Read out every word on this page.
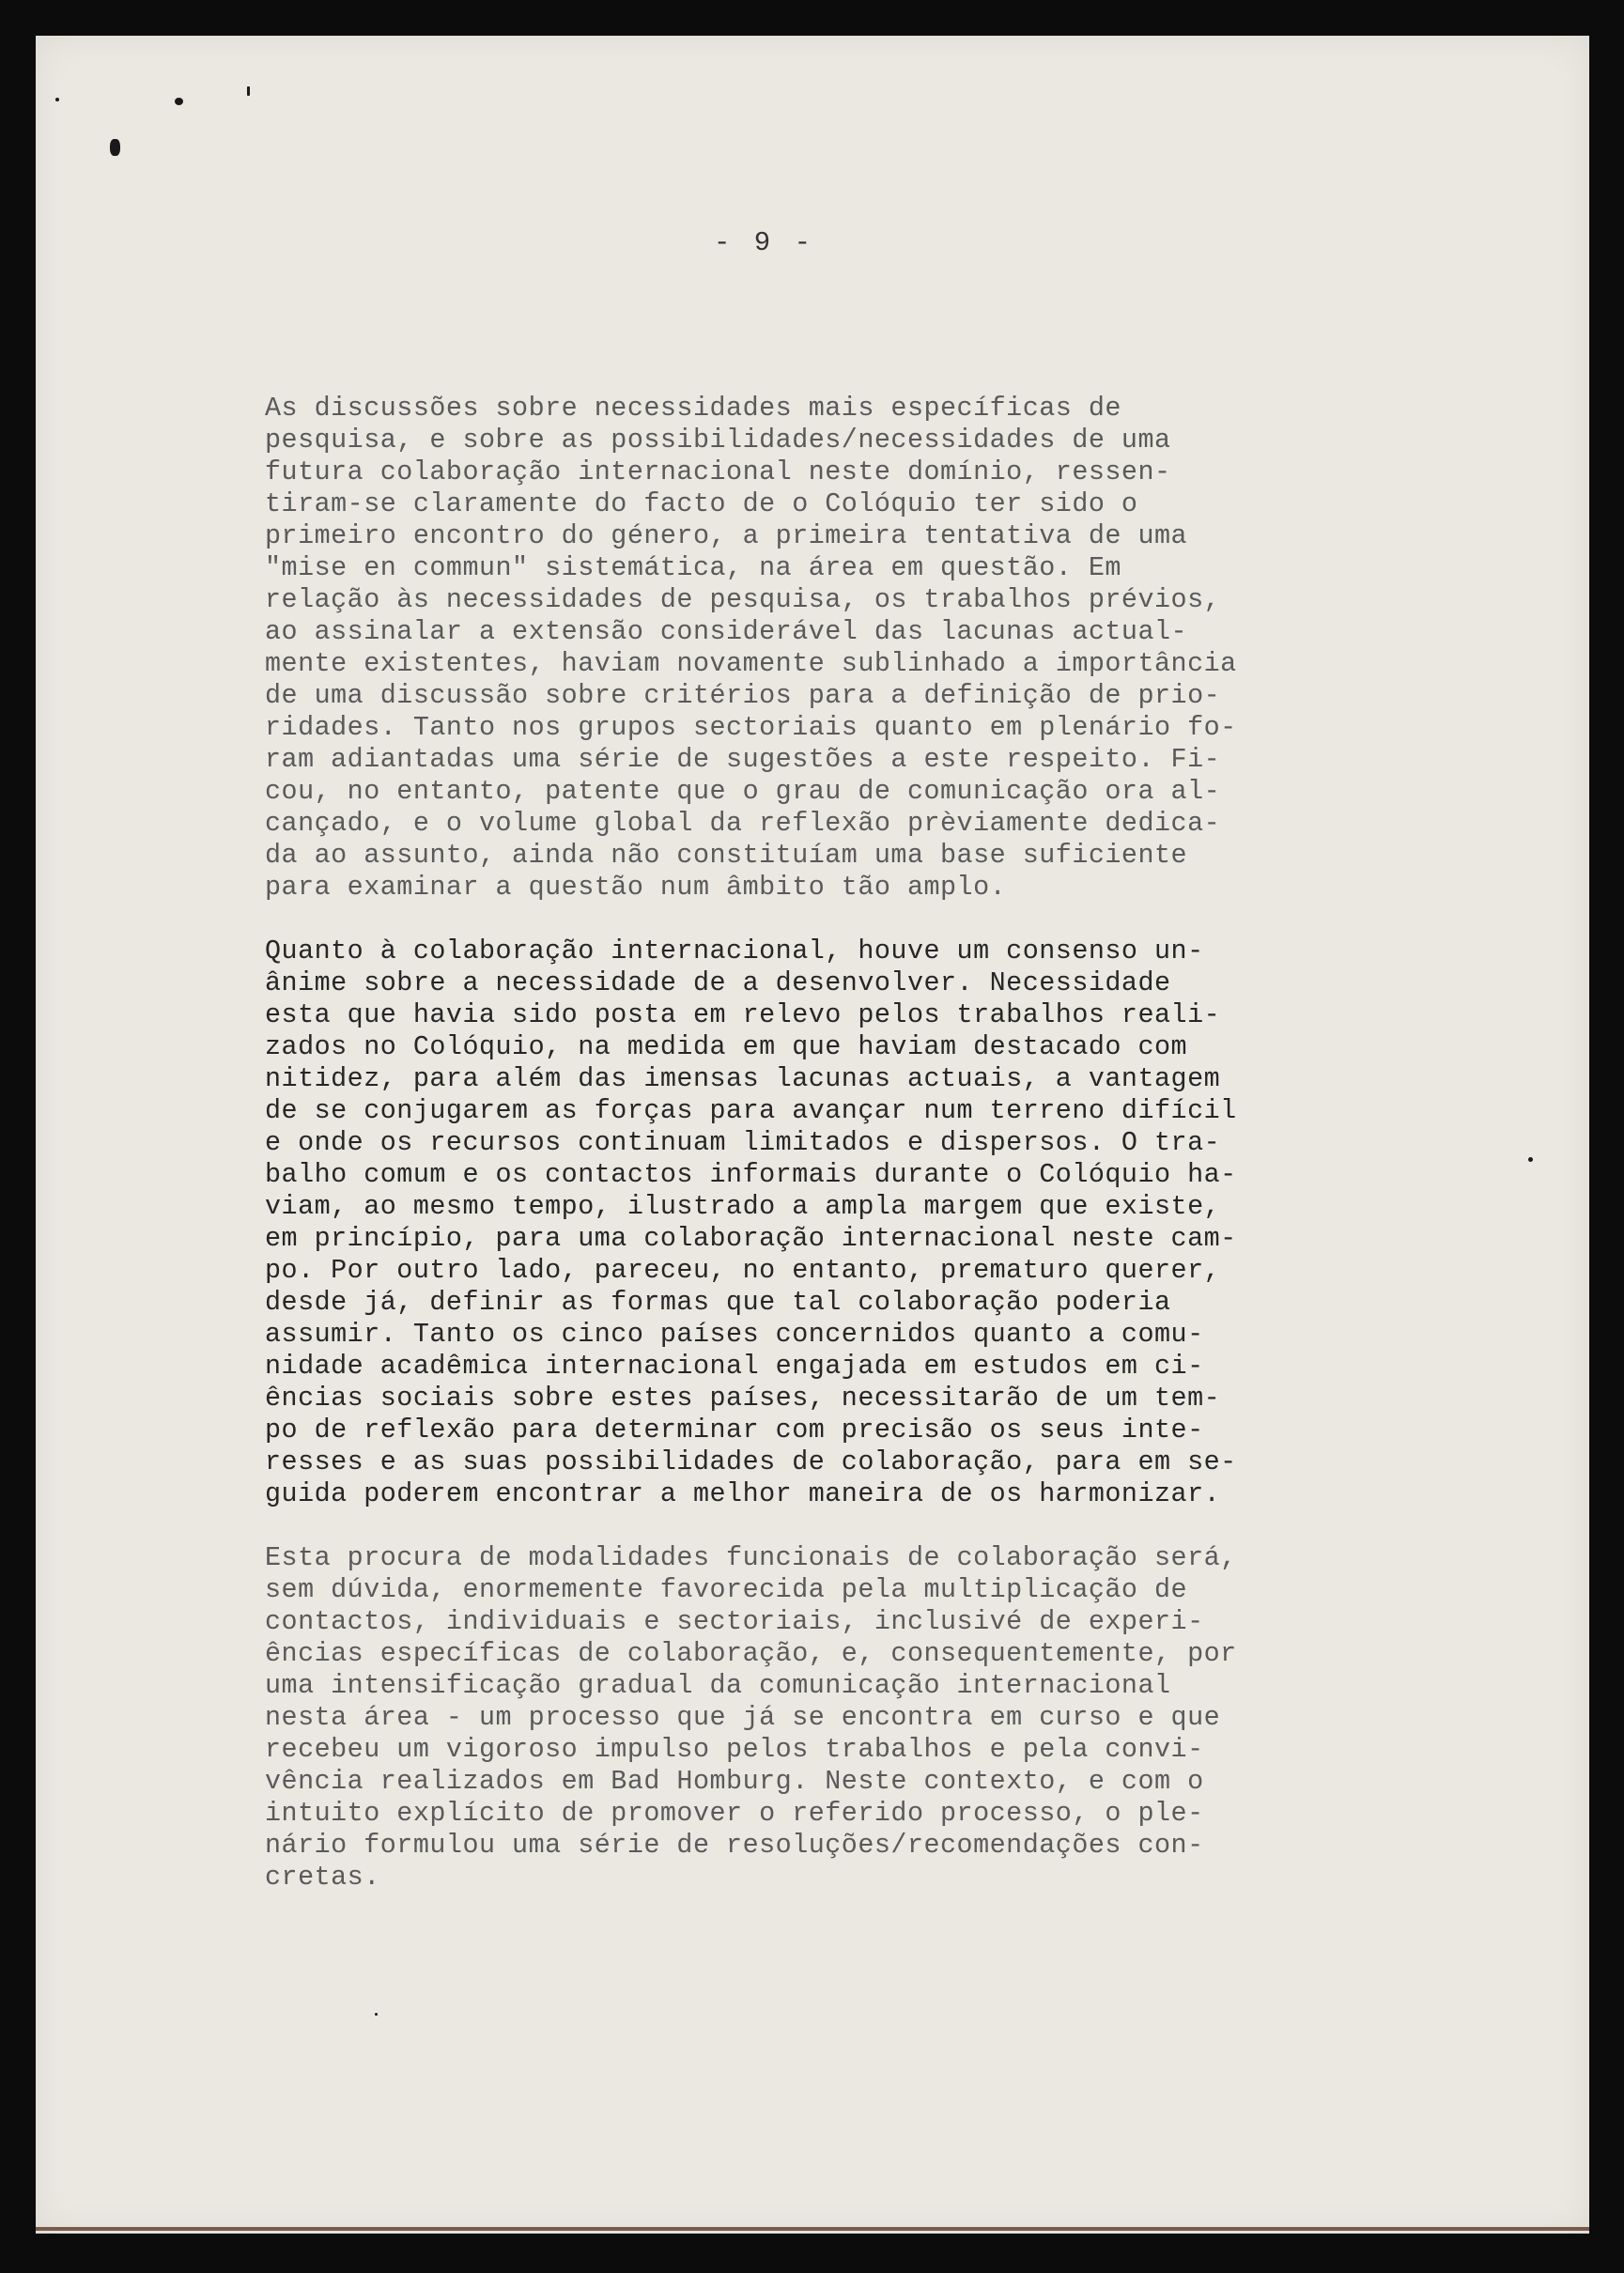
- 9 -
As discussões sobre necessidades mais específicas de
pesquisa, e sobre as possibilidades/necessidades de uma
futura colaboração internacional neste domínio, ressen-
tiram-se claramente do facto de o Colóquio ter sido o
primeiro encontro do género, a primeira tentativa de uma
"mise en commun" sistemática, na área em questão. Em
relação às necessidades de pesquisa, os trabalhos prévios,
ao assinalar a extensão considerável das lacunas actual-
mente existentes, haviam novamente sublinhado a importância
de uma discussão sobre critérios para a definição de prio-
ridades. Tanto nos grupos sectoriais quanto em plenário fo-
ram adiantadas uma série de sugestões a este respeito. Fi-
cou, no entanto, patente que o grau de comunicação ora al-
cançado, e o volume global da reflexão prèviamente dedica-
da ao assunto, ainda não constituíam uma base suficiente
para examinar a questão num âmbito tão amplo.
Quanto à colaboração internacional, houve um consenso un-
ânime sobre a necessidade de a desenvolver. Necessidade
esta que havia sido posta em relevo pelos trabalhos reali-
zados no Colóquio, na medida em que haviam destacado com
nitidez, para além das imensas lacunas actuais, a vantagem
de se conjugarem as forças para avançar num terreno difícil
e onde os recursos continuam limitados e dispersos. O tra-
balho comum e os contactos informais durante o Colóquio ha-
viam, ao mesmo tempo, ilustrado a ampla margem que existe,
em princípio, para uma colaboração internacional neste cam-
po. Por outro lado, pareceu, no entanto, prematuro querer,
desde já, definir as formas que tal colaboração poderia
assumir. Tanto os cinco países concernidos quanto a comu-
nidade acadêmica internacional engajada em estudos em ci-
ências sociais sobre estes países, necessitarão de um tem-
po de reflexão para determinar com precisão os seus inte-
resses e as suas possibilidades de colaboração, para em se-
guida poderem encontrar a melhor maneira de os harmonizar.
Esta procura de modalidades funcionais de colaboração será,
sem dúvida, enormemente favorecida pela multiplicação de
contactos, individuais e sectoriais, inclusivé de experi-
ências específicas de colaboração, e, consequentemente, por
uma intensificação gradual da comunicação internacional
nesta área - um processo que já se encontra em curso e que
recebeu um vigoroso impulso pelos trabalhos e pela convi-
vência realizados em Bad Homburg. Neste contexto, e com o
intuito explícito de promover o referido processo, o ple-
nário formulou uma série de resoluções/recomendações con-
cretas.
